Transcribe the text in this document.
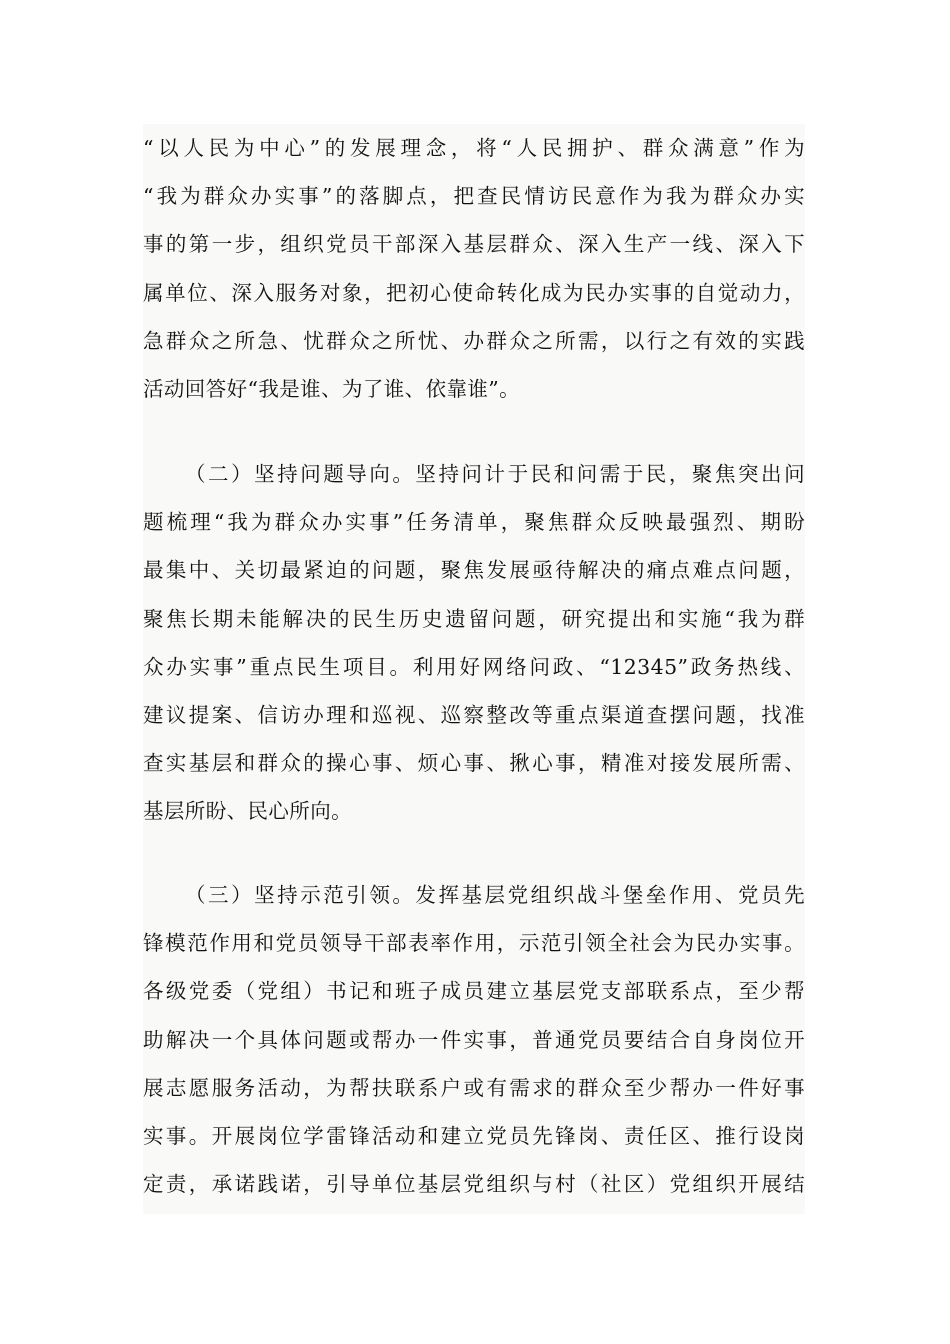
“以人民为中心”的发展理念，将“人民拥护、群众满意”作为
“我为群众办实事”的落脚点，把查民情访民意作为我为群众办实
事的第一步，组织党员干部深入基层群众、深入生产一线、深入下
属单位、深入服务对象，把初心使命转化成为民办实事的自觉动力，
急群众之所急、忧群众之所忧、办群众之所需，以行之有效的实践
活动回答好“我是谁、为了谁、依靠谁”。
（二）坚持问题导向。坚持问计于民和问需于民，聚焦突出问
题梳理“我为群众办实事”任务清单，聚焦群众反映最强烈、期盼
最集中、关切最紧迫的问题，聚焦发展亟待解决的痛点难点问题，
聚焦长期未能解决的民生历史遗留问题，研究提出和实施“我为群
众办实事”重点民生项目。利用好网络问政、“12345”政务热线、
建议提案、信访办理和巡视、巡察整改等重点渠道查摆问题，找准
查实基层和群众的操心事、烦心事、揪心事，精准对接发展所需、
基层所盼、民心所向。
（三）坚持示范引领。发挥基层党组织战斗堡垒作用、党员先
锋模范作用和党员领导干部表率作用，示范引领全社会为民办实事。
各级党委（党组）书记和班子成员建立基层党支部联系点，至少帮
助解决一个具体问题或帮办一件实事，普通党员要结合自身岗位开
展志愿服务活动，为帮扶联系户或有需求的群众至少帮办一件好事
实事。开展岗位学雷锋活动和建立党员先锋岗、责任区、推行设岗
定责，承诺践诺，引导单位基层党组织与村（社区）党组织开展结
